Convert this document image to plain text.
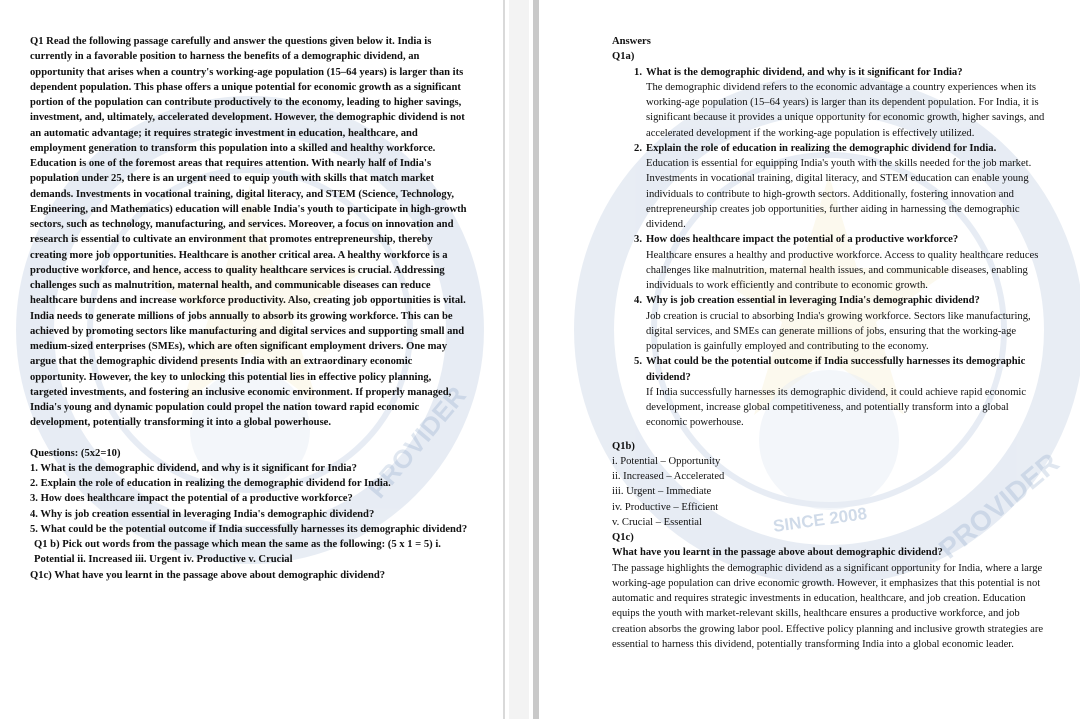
PROVIDER

Q1 Read the following passage carefully and answer the questions given below it. India is currently in a favorable position to harness the benefits of a demographic dividend, an opportunity that arises when a country's working-age population (15–64 years) is larger than its dependent population. This phase offers a unique potential for economic growth as a significant portion of the population can contribute productively to the economy, leading to higher savings, investment, and, ultimately, accelerated development. However, the demographic dividend is not an automatic advantage; it requires strategic investment in education, healthcare, and employment generation to transform this population into a skilled and healthy workforce. Education is one of the foremost areas that requires attention. With nearly half of India's population under 25, there is an urgent need to equip youth with skills that match market demands. Investments in vocational training, digital literacy, and STEM (Science, Technology, Engineering, and Mathematics) education will enable India's youth to participate in high-growth sectors, such as technology, manufacturing, and services. Moreover, a focus on innovation and research is essential to cultivate an environment that promotes entrepreneurship, thereby creating more job opportunities. Healthcare is another critical area. A healthy workforce is a productive workforce, and hence, access to quality healthcare services is crucial. Addressing challenges such as malnutrition, maternal health, and communicable diseases can reduce healthcare burdens and increase workforce productivity. Also, creating job opportunities is vital. India needs to generate millions of jobs annually to absorb its growing workforce. This can be achieved by promoting sectors like manufacturing and digital services and supporting small and medium-sized enterprises (SMEs), which are often significant employment drivers. One may argue that the demographic dividend presents India with an extraordinary economic opportunity. However, the key to unlocking this potential lies in effective policy planning, targeted investments, and fostering an inclusive economic environment. If properly managed, India's young and dynamic population could propel the nation toward rapid economic development, potentially transforming it into a global powerhouse.

Questions: (5x2=10)
1. What is the demographic dividend, and why is it significant for India?
2. Explain the role of education in realizing the demographic dividend for India.
3. How does healthcare impact the potential of a productive workforce?
4. Why is job creation essential in leveraging India's demographic dividend?
5. What could be the potential outcome if India successfully harnesses its demographic dividend?
Q1 b) Pick out words from the passage which mean the same as the following: (5 x 1 = 5) i. Potential ii. Increased iii. Urgent iv. Productive v. Crucial
Q1c) What have you learnt in the passage above about demographic dividend?
PROVIDER
SINCE 2008
Answers
Q1a)
1. What is the demographic dividend, and why is it significant for India?
The demographic dividend refers to the economic advantage a country experiences when its working-age population (15–64 years) is larger than its dependent population. For India, it is significant because it provides a unique opportunity for economic growth, higher savings, and accelerated development if the working-age population is effectively utilized.
2. Explain the role of education in realizing the demographic dividend for India.
Education is essential for equipping India's youth with the skills needed for the job market. Investments in vocational training, digital literacy, and STEM education can enable young individuals to contribute to high-growth sectors. Additionally, fostering innovation and entrepreneurship creates job opportunities, further aiding in harnessing the demographic dividend.
3. How does healthcare impact the potential of a productive workforce?
Healthcare ensures a healthy and productive workforce. Access to quality healthcare reduces challenges like malnutrition, maternal health issues, and communicable diseases, enabling individuals to work efficiently and contribute to economic growth.
4. Why is job creation essential in leveraging India's demographic dividend?
Job creation is crucial to absorbing India's growing workforce. Sectors like manufacturing, digital services, and SMEs can generate millions of jobs, ensuring that the working-age population is gainfully employed and contributing to the economy.
5. What could be the potential outcome if India successfully harnesses its demographic dividend?
If India successfully harnesses its demographic dividend, it could achieve rapid economic development, increase global competitiveness, and potentially transform into a global economic powerhouse.
Q1b)
i. Potential – Opportunity
ii. Increased – Accelerated
iii. Urgent – Immediate
iv. Productive – Efficient
v. Crucial – Essential
Q1c)
What have you learnt in the passage above about demographic dividend?
The passage highlights the demographic dividend as a significant opportunity for India, where a large working-age population can drive economic growth. However, it emphasizes that this potential is not automatic and requires strategic investments in education, healthcare, and job creation. Education equips the youth with market-relevant skills, healthcare ensures a productive workforce, and job creation absorbs the growing labor pool. Effective policy planning and inclusive growth strategies are essential to harness this dividend, potentially transforming India into a global economic leader.
